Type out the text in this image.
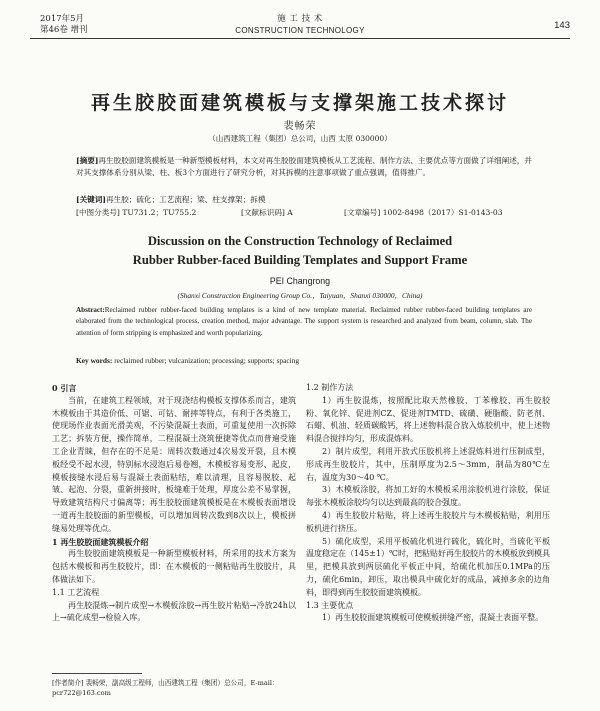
2017年5月
第46卷 增刊
施 工 技 术
CONSTRUCTION TECHNOLOGY	143
再生胶胶面建筑模板与支撑架施工技术探讨
裴畅荣
（山西建筑工程（集团）总公司，山西 太原 030000）
[摘要]再生胶胶面建筑模板是一种新型模板材料，本文对再生胶胶面建筑模板从工艺流程、制作方法、主要优点等方面做了详细阐述，并对其支撑体系分别从梁、柱、板3个方面进行了研究分析，对其拆模的注意事项做了重点强调，值得推广。
[关键词]再生胶；硫化；工艺流程；梁、柱支撑架；拆模
[中图分类号] TU731.2；TU755.2	[文献标识码] A	[文章编号] 1002-8498（2017）S1-0143-03
Discussion on the Construction Technology of Reclaimed
Rubber Rubber-faced Building Templates and Support Frame
PEI Changrong
(Shanxi Construction Engineering Group Co.，Taiyuan，Shanxi 030000，China)
Abstract:Reclaimed rubber rubber-faced building templates is a kind of new template material. Reclaimed rubber rubber-faced building templates are elaborated from the technological process, creation method, major advantage. The support system is researched and analyzed from beam, column, slab. The attention of form stripping is emphasized and worth popularizing.
Key words: reclaimed rubber; vulcanization; processing; supports; spacing

0 引言

当前，在建筑工程领域，对于现浇结构模板支撑体系而言，建筑木模板由于其造价低、可锯、可钻、耐摔等特点，有利于各类施工，使现场作业表面光滑美观，不污染混凝土表面，可重复使用一次拆除工艺；拆装方便，操作简单，二程混凝土浇筑便捷等优点而普遍受施工企业青睐，但存在的不足是：周转次数通过4次易发开裂，且木模板经受不起水浸，特别标水浸泡后易卷翘，木模板容易变形、起皮，模板接缝水浸后易与混凝土表面粘结，难以清理，且容易脱胶、起皱、起泡、分裂，重新拼接时，板缝难于处理，厚度公差不易掌握，导致建筑结构尺寸偏离等；再生胶胶面建筑模板是在木模板表面增设一道再生胶胶面的新型模板，可以增加周转次数到8次以上，模板拼缝易处理等优点。

1 再生胶胶面建筑模板介绍

再生胶胶面建筑模板是一种新型模板材料，所采用的技术方案为包括木模板和再生胶胶片，即：在木模板的一侧粘贴再生胶胶片，具体做法如下。

1.1 工艺流程

再生胶混炼→制片成型→木模板涂胶→再生胶片粘贴→冷放24h以上→硫化成型→检验入库。

1.2 制作方法

1）再生胶混炼，按照配比取天然橡胶、丁苯橡胶、再生胶胶粉、氧化锌、促进剂CZ、促进剂TMTD、硫磺、硬脂酸、防老剂、石蜡、机油、轻质碳酸钙，将上述物料混合放入炼胶机中，使上述物料混合搅拌均匀，形成混炼料。

2）制片成型，利用开放式压胶机将上述混炼料进行压制成型，形成再生胶胶片，其中，压制厚度为2.5～3mm，制品为80℃左右，温度为30～40 ℃。

3）木模板涂胶，将加工好的木模板采用涂胶机进行涂胶，保证每张木模板涂胶均匀以达到最高的胶合强度。

4）再生胶胶片粘贴，将上述再生胶胶片与木模板粘贴，利用压板机进行挤压。

5）硫化成型，采用平板硫化机进行硫化，硫化时，当硫化平板温度稳定在（145±1）℃时，把粘贴好再生胶胶片的木模板放到模具里，把模具放到两层硫化平板正中间，给硫化机加压0.1MPa的压力，硫化6min，卸压，取出模具中硫化好的成品，减掉多余的边角料，即得到再生胶胶面建筑模板。

1.3 主要优点

1）再生胶胶面建筑模板可使模板拼缝严密，混凝土表面平整。

[作者简介] 裴畅荣，副高级工程师，山西建筑工程（集团）总公司，E-mail：pcr722@163.com
